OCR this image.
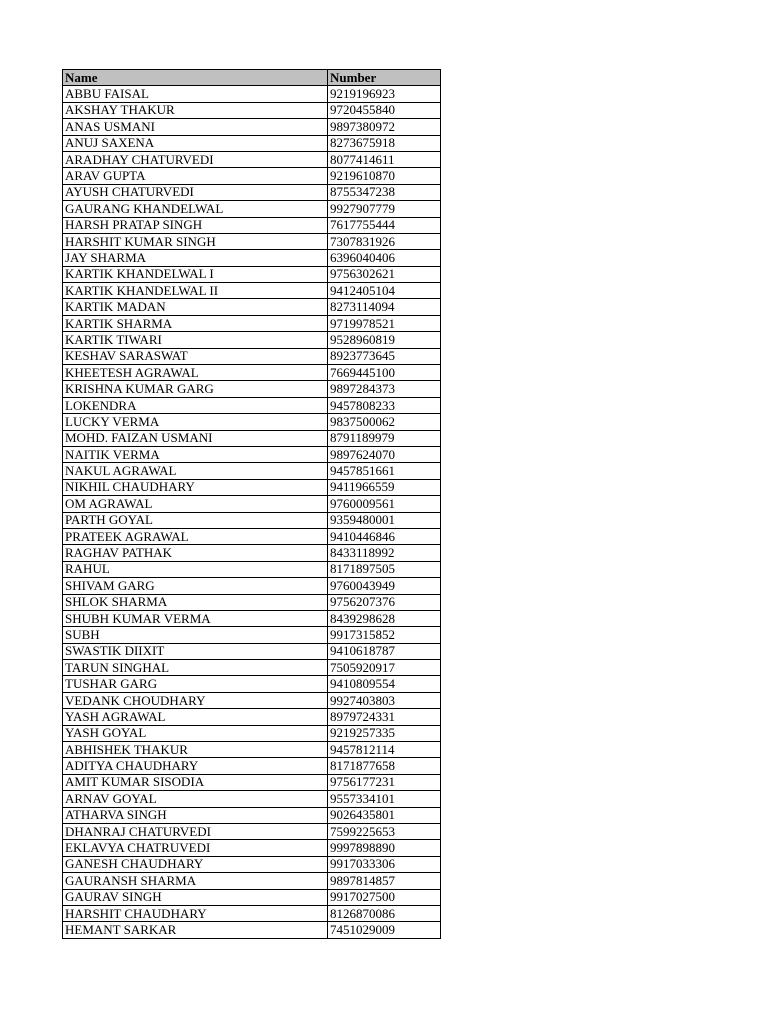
Name	Number
ABBU FAISAL	9219196923
AKSHAY THAKUR	9720455840
ANAS USMANI	9897380972
ANUJ SAXENA	8273675918
ARADHAY CHATURVEDI	8077414611
ARAV GUPTA	9219610870
AYUSH CHATURVEDI	8755347238
GAURANG KHANDELWAL	9927907779
HARSH PRATAP SINGH	7617755444
HARSHIT KUMAR SINGH	7307831926
JAY SHARMA	6396040406
KARTIK KHANDELWAL I	9756302621
KARTIK KHANDELWAL II	9412405104
KARTIK MADAN	8273114094
KARTIK SHARMA	9719978521
KARTIK TIWARI	9528960819
KESHAV SARASWAT	8923773645
KHEETESH AGRAWAL	7669445100
KRISHNA KUMAR GARG	9897284373
LOKENDRA	9457808233
LUCKY VERMA	9837500062
MOHD. FAIZAN USMANI	8791189979
NAITIK VERMA	9897624070
NAKUL AGRAWAL	9457851661
NIKHIL CHAUDHARY	9411966559
OM AGRAWAL	9760009561
PARTH GOYAL	9359480001
PRATEEK AGRAWAL	9410446846
RAGHAV PATHAK	8433118992
RAHUL	8171897505
SHIVAM GARG	9760043949
SHLOK SHARMA	9756207376
SHUBH KUMAR VERMA	8439298628
SUBH	9917315852
SWASTIK DIIXIT	9410618787
TARUN SINGHAL	7505920917
TUSHAR GARG	9410809554
VEDANK CHOUDHARY	9927403803
YASH AGRAWAL	8979724331
YASH GOYAL	9219257335
ABHISHEK THAKUR	9457812114
ADITYA CHAUDHARY	8171877658
AMIT KUMAR SISODIA	9756177231
ARNAV GOYAL	9557334101
ATHARVA SINGH	9026435801
DHANRAJ CHATURVEDI	7599225653
EKLAVYA CHATRUVEDI	9997898890
GANESH CHAUDHARY	9917033306
GAURANSH SHARMA	9897814857
GAURAV SINGH	9917027500
HARSHIT CHAUDHARY	8126870086
HEMANT SARKAR	7451029009
